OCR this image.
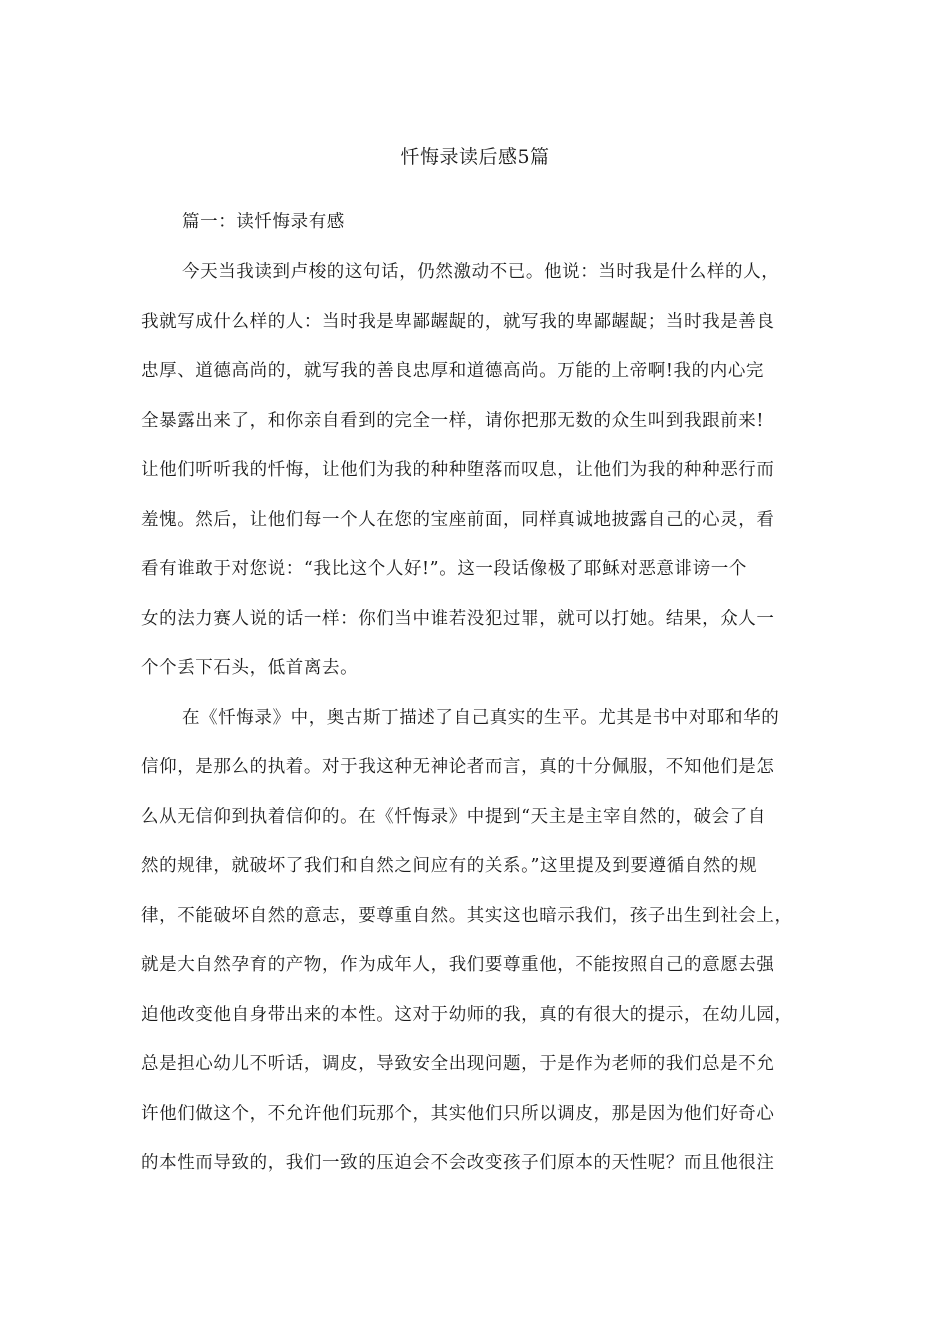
忏悔录读后感5篇
篇一：读忏悔录有感
今天当我读到卢梭的这句话，仍然激动不已。他说：当时我是什么样的人，
我就写成什么样的人：当时我是卑鄙龌龊的，就写我的卑鄙龌龊；当时我是善良
忠厚、道德高尚的，就写我的善良忠厚和道德高尚。万能的上帝啊!我的内心完
全暴露出来了，和你亲自看到的完全一样，请你把那无数的众生叫到我跟前来!
让他们听听我的忏悔，让他们为我的种种堕落而叹息，让他们为我的种种恶行而
羞愧。然后，让他们每一个人在您的宝座前面，同样真诚地披露自己的心灵，看
看有谁敢于对您说：“我比这个人好!”。这一段话像极了耶稣对恶意诽谤一个
女的法力赛人说的话一样：你们当中谁若没犯过罪，就可以打她。结果，众人一
个个丢下石头，低首离去。
在《忏悔录》中，奥古斯丁描述了自己真实的生平。尤其是书中对耶和华的
信仰，是那么的执着。对于我这种无神论者而言，真的十分佩服，不知他们是怎
么从无信仰到执着信仰的。在《忏悔录》中提到“天主是主宰自然的，破会了自
然的规律，就破坏了我们和自然之间应有的关系。”这里提及到要遵循自然的规
律，不能破坏自然的意志，要尊重自然。其实这也暗示我们，孩子出生到社会上，
就是大自然孕育的产物，作为成年人，我们要尊重他，不能按照自己的意愿去强
迫他改变他自身带出来的本性。这对于幼师的我，真的有很大的提示，在幼儿园，
总是担心幼儿不听话，调皮，导致安全出现问题，于是作为老师的我们总是不允
许他们做这个，不允许他们玩那个，其实他们只所以调皮，那是因为他们好奇心
的本性而导致的，我们一致的压迫会不会改变孩子们原本的天性呢？而且他很注
